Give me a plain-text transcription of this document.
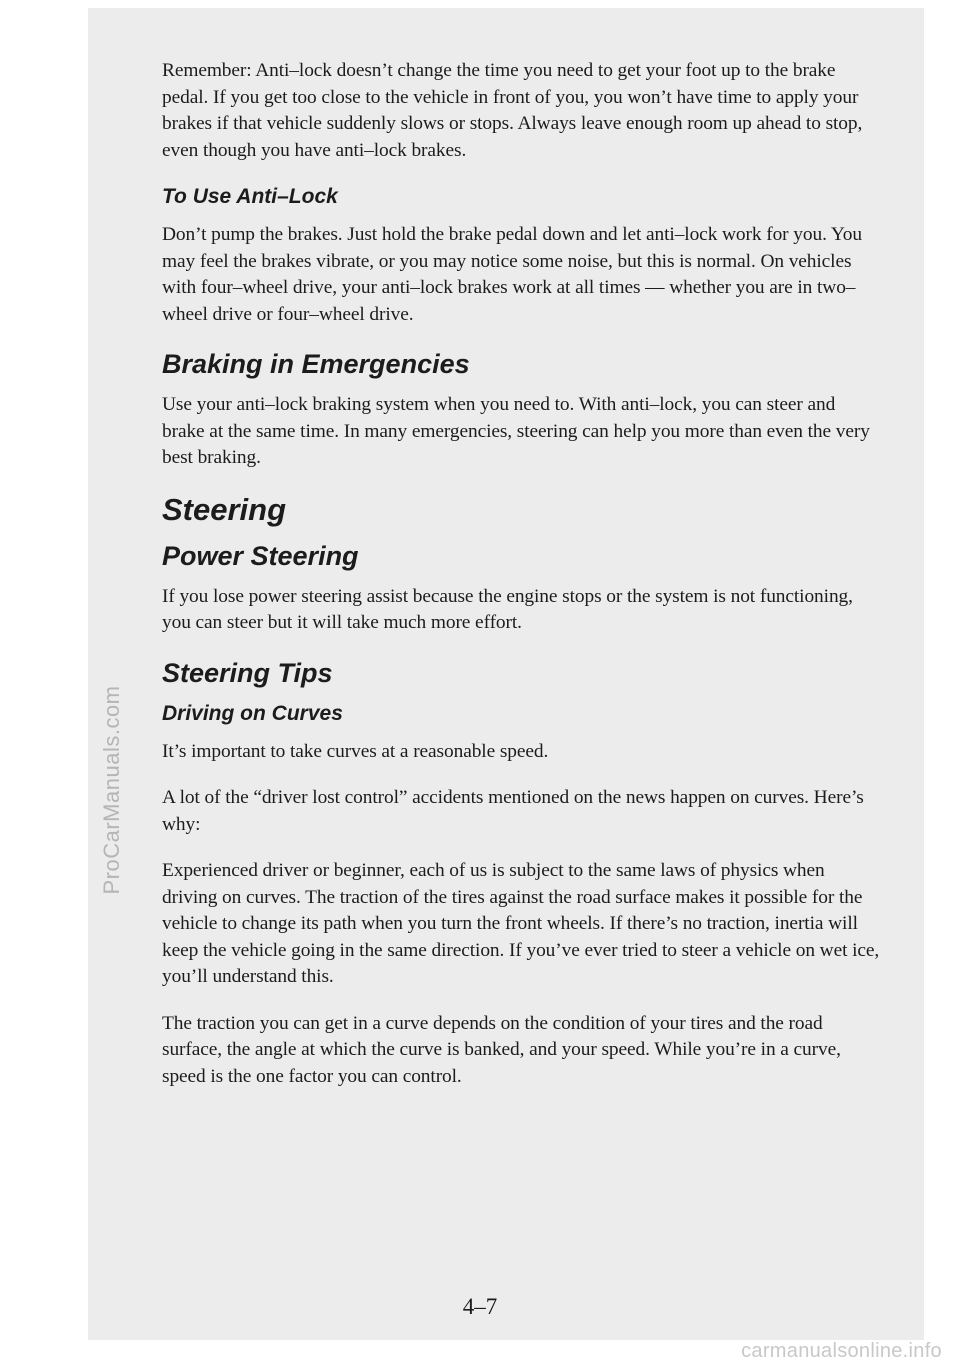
Remember: Anti–lock doesn’t change the time you need to get your foot up to the brake pedal. If you get too close to the vehicle in front of you, you won’t have time to apply your brakes if that vehicle suddenly slows or stops. Always leave enough room up ahead to stop, even though you have anti–lock brakes.

To Use Anti–Lock

Don’t pump the brakes. Just hold the brake pedal down and let anti–lock work for you. You may feel the brakes vibrate, or you may notice some noise, but this is normal. On vehicles with four–wheel drive, your anti–lock brakes work at all times — whether you are in two–wheel drive or four–wheel drive.

Braking in Emergencies

Use your anti–lock braking system when you need to. With anti–lock, you can steer and brake at the same time. In many emergencies, steering can help you more than even the very best braking.

Steering
Power Steering

If you lose power steering assist because the engine stops or the system is not functioning, you can steer but it will take much more effort.

Steering Tips
Driving on Curves

It’s important to take curves at a reasonable speed.

A lot of the “driver lost control” accidents mentioned on the news happen on curves. Here’s why:

Experienced driver or beginner, each of us is subject to the same laws of physics when driving on curves. The traction of the tires against the road surface makes it possible for the vehicle to change its path when you turn the front wheels. If there’s no traction, inertia will keep the vehicle going in the same direction. If you’ve ever tried to steer a vehicle on wet ice, you’ll understand this.

The traction you can get in a curve depends on the condition of your tires and the road surface, the angle at which the curve is banked, and your speed. While you’re in a curve, speed is the one factor you can control.

4–7
ProCarManuals.com
carmanualsonline.info
